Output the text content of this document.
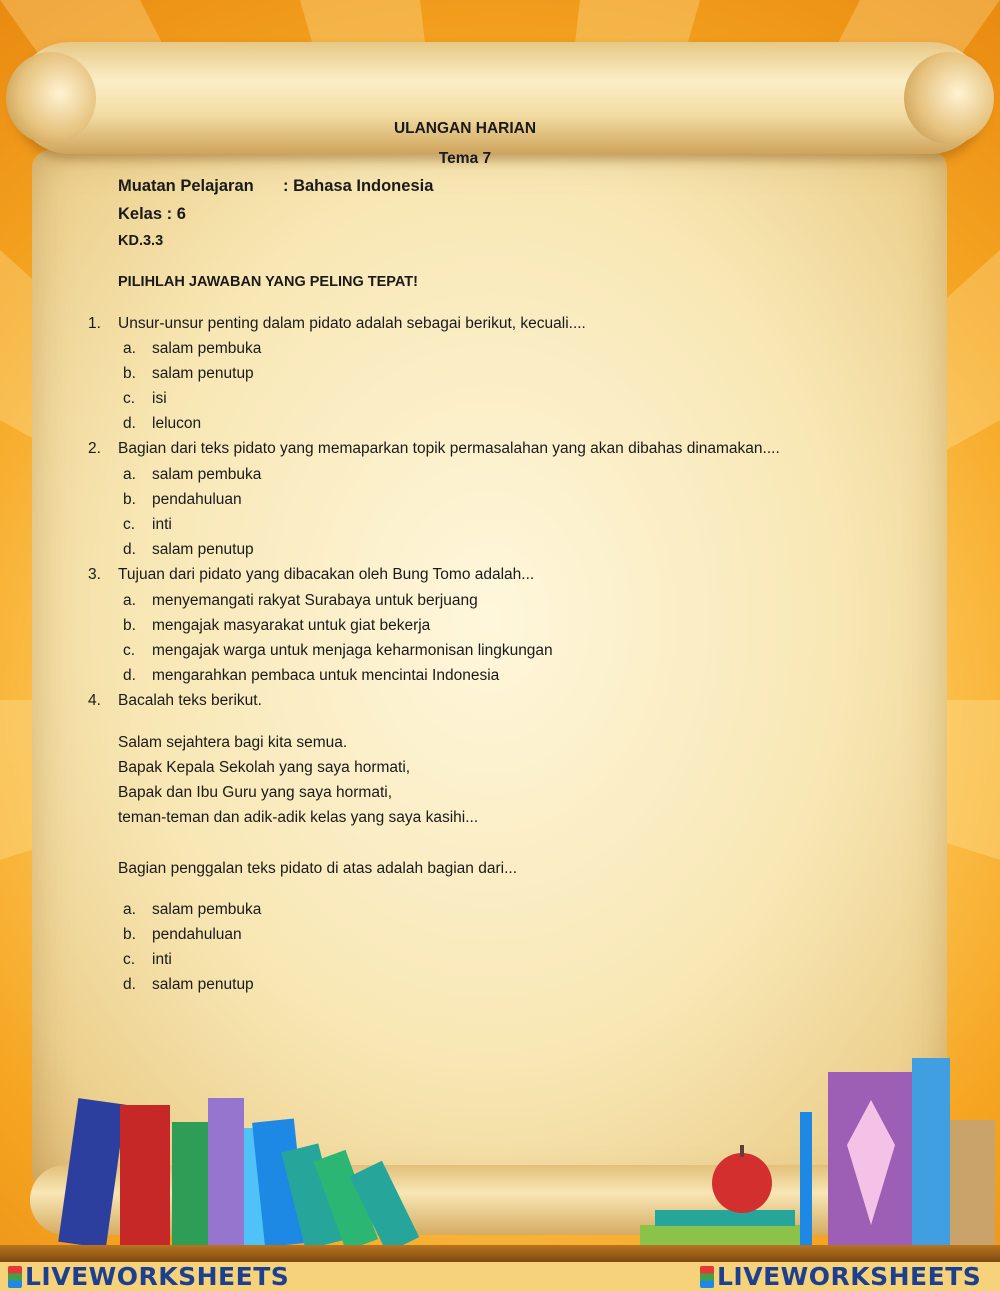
ULANGAN HARIAN
Tema 7
Muatan Pelajaran : Bahasa Indonesia
Kelas : 6
KD.3.3
PILIHLAH JAWABAN YANG PELING TEPAT!
1. Unsur-unsur penting dalam pidato adalah sebagai berikut, kecuali....
a. salam pembuka
b. salam penutup
c. isi
d. lelucon
2. Bagian dari teks pidato yang memaparkan topik permasalahan yang akan dibahas dinamakan....
a. salam pembuka
b. pendahuluan
c. inti
d. salam penutup
3. Tujuan dari pidato yang dibacakan oleh Bung Tomo adalah...
a. menyemangati rakyat Surabaya untuk berjuang
b. mengajak masyarakat untuk giat bekerja
c. mengajak warga untuk menjaga keharmonisan lingkungan
d. mengarahkan pembaca untuk mencintai Indonesia
4. Bacalah teks berikut.
Salam sejahtera bagi kita semua.
Bapak Kepala Sekolah yang saya hormati,
Bapak dan Ibu Guru yang saya hormati,
teman-teman dan adik-adik kelas yang saya kasihi...
Bagian penggalan teks pidato di atas adalah bagian dari...
a. salam pembuka
b. pendahuluan
c. inti
d. salam penutup
LIVEWORKSHEETS	LIVEWORKSHEETS
